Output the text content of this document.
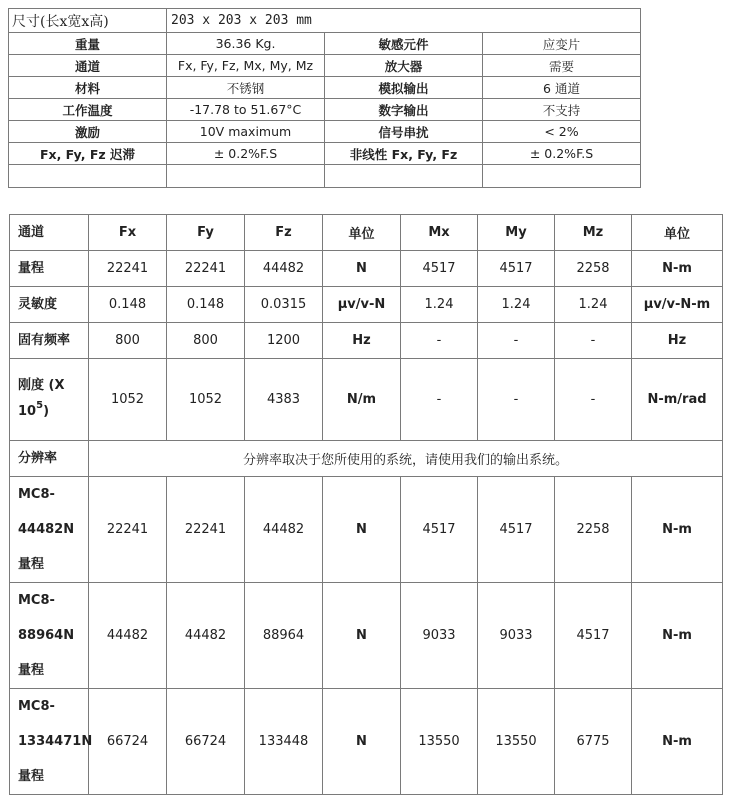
尺寸(长x宽x高)	203 x 203 x 203 mm		
重量	36.36 Kg.	敏感元件	应变片
通道	Fx, Fy, Fz, Mx, My, Mz	放大器	需要
材料	不锈钢	模拟输出	6 通道
工作温度	-17.78 to 51.67°C	数字输出	不支持
激励	10V maximum	信号串扰	< 2%
Fx, Fy, Fz 迟滞	± 0.2%F.S	非线性 Fx, Fy, Fz	± 0.2%F.S

通道	Fx	Fy	Fz	单位	Mx	My	Mz	单位
量程	22241	22241	44482	N	4517	4517	2258	N-m
灵敏度	0.148	0.148	0.0315	μv/v-N	1.24	1.24	1.24	μv/v-N-m
固有频率	800	800	1200	Hz	-	-	-	Hz

刚度 (X
$10^5$)	1052	1052	4383	N/m	-	-	-	N-m/rad
分辨率	分辨率取决于您所使用的系统，请使用我们的输出系统。							

MC8-
44482N
量程	22241	22241	44482	N	4517	4517	2258	N-m

MC8-
88964N
量程	44482	44482	88964	N	9033	9033	4517	N-m

MC8-
1334471N
量程	66724	66724	133448	N	13550	13550	6775	N-m
